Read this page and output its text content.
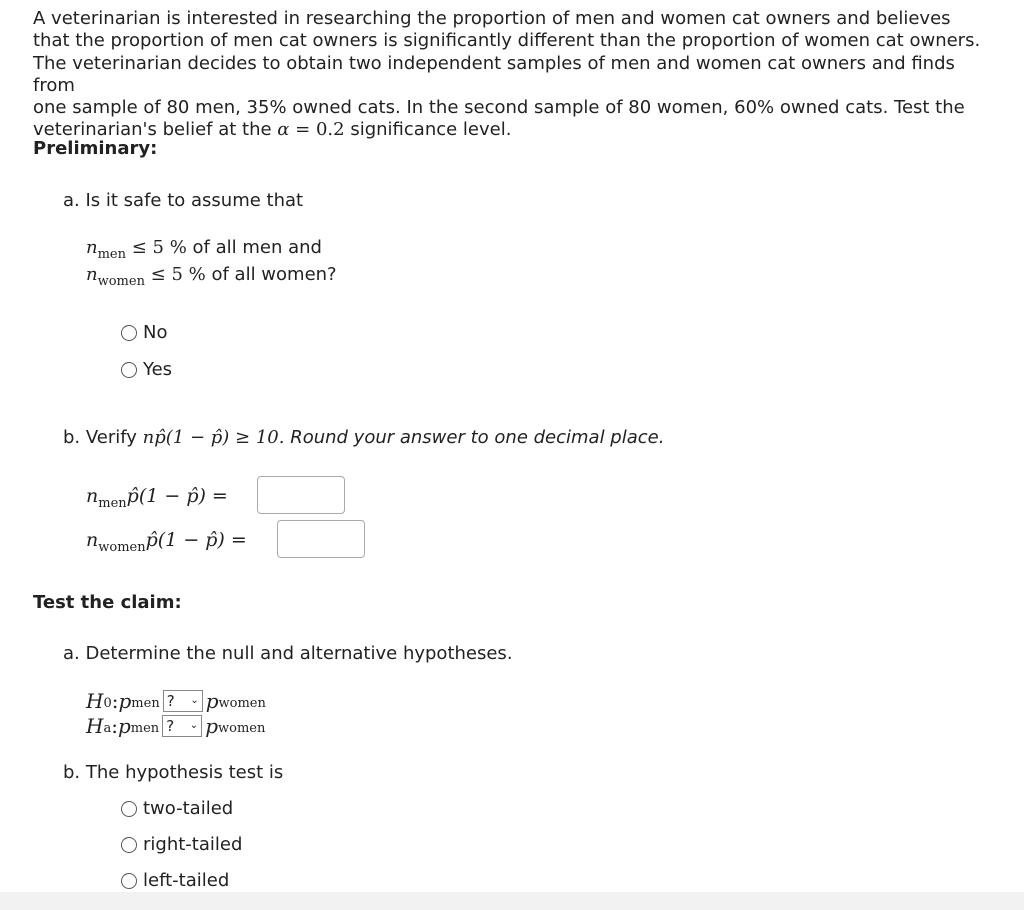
A veterinarian is interested in researching the proportion of men and women cat owners and believes
that the proportion of men cat owners is significantly different than the proportion of women cat owners.
The veterinarian decides to obtain two independent samples of men and women cat owners and finds from
one sample of 80 men, 35% owned cats. In the second sample of 80 women, 60% owned cats. Test the
veterinarian's belief at the α = 0.2 significance level.
Preliminary:
a. Is it safe to assume that
$n_{men} \le 5$ % of all men and
$n_{women} \le 5$ % of all women?
No
Yes
b. Verify np̂(1 − p̂) ≥ 10. Round your answer to one decimal place.
$n_{men}p̂(1$ − p̂) =
$n_{women}p̂(1$ − p̂) =
Test the claim:
a. Determine the null and alternative hypotheses.
H 0 : p men ? ⌄ p women
H a : p men ? ⌄ p women
b. The hypothesis test is
two-tailed
right-tailed
left-tailed
